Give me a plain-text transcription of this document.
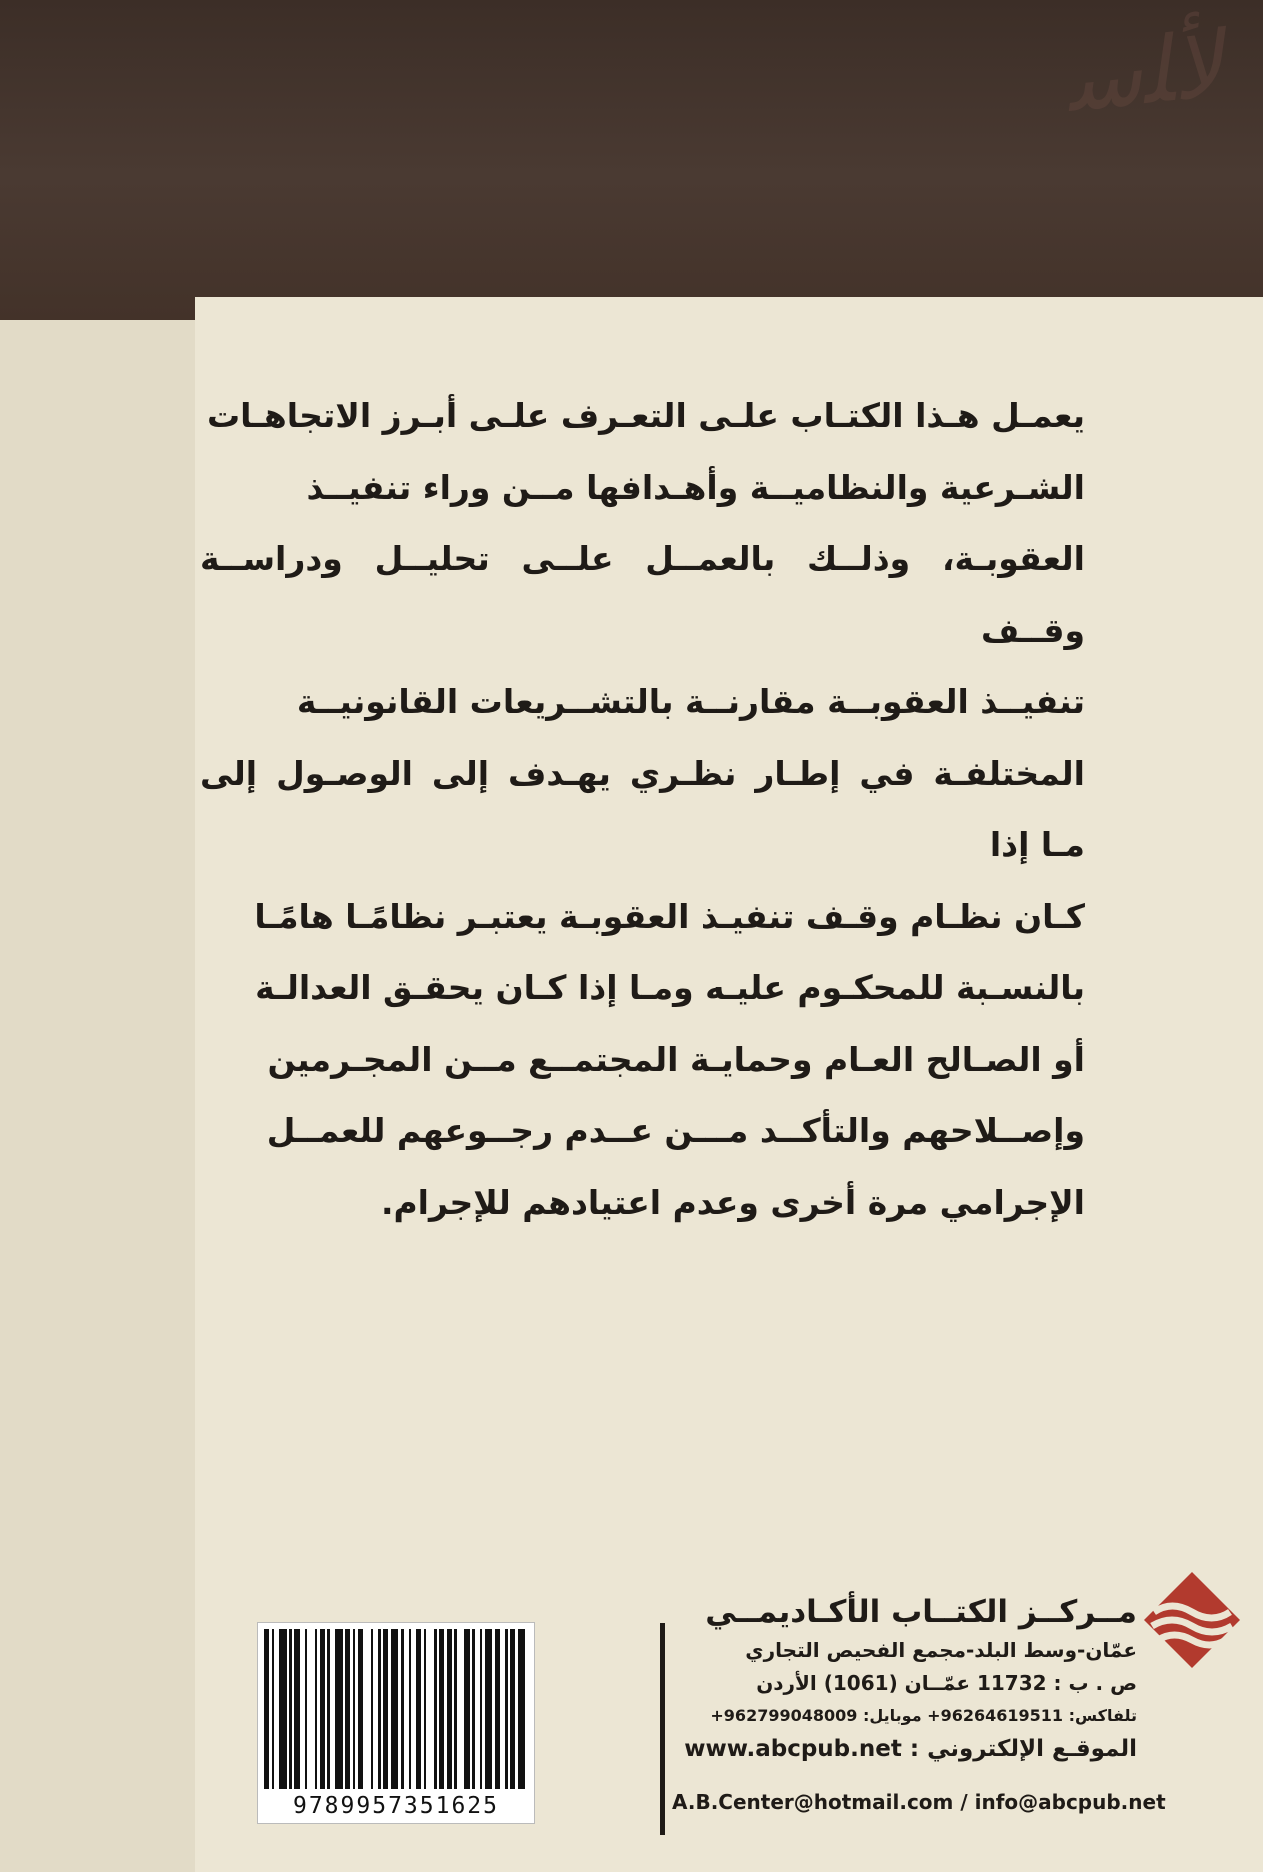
ﻷﻠﺳ
يعمـل هـذا الكتـاب علـى التعـرف علـى أبـرز الاتجاهـات
الشـرعية والنظاميــة وأهـدافها مــن وراء تنفيــذ
العقوبـة، وذلــك بالعمــل علــى تحليــل ودراســة وقــف
تنفيــذ العقوبــة مقارنــة بالتشــريعات القانونيــة
المختلفـة في إطـار نظـري يهـدف إلى الوصـول إلى مـا إذا
كـان نظـام وقـف تنفيـذ العقوبـة يعتبـر نظامًـا هامًـا
بالنسـبة للمحكـوم عليـه ومـا إذا كـان يحقـق العدالـة
أو الصـالح العـام وحمايـة المجتمــع مــن المجـرمين
وإصــلاحهم والتأكــد مـــن عــدم رجــوعهم للعمــل
الإجرامي مرة أخرى وعدم اعتيادهم للإجرام.
مــركــز الكتــاب الأكـاديمــي
عمّان-وسط البلد-مجمع الفحيص التجاري
ص . ب : 11732 عمّــان (1061) الأردن
تلفاكس: 96264619511+ موبايل: 962799048009+
الموقـع الإلكتروني : www.abcpub.net
A.B.Center@hotmail.com / info@abcpub.net
9789957351625
